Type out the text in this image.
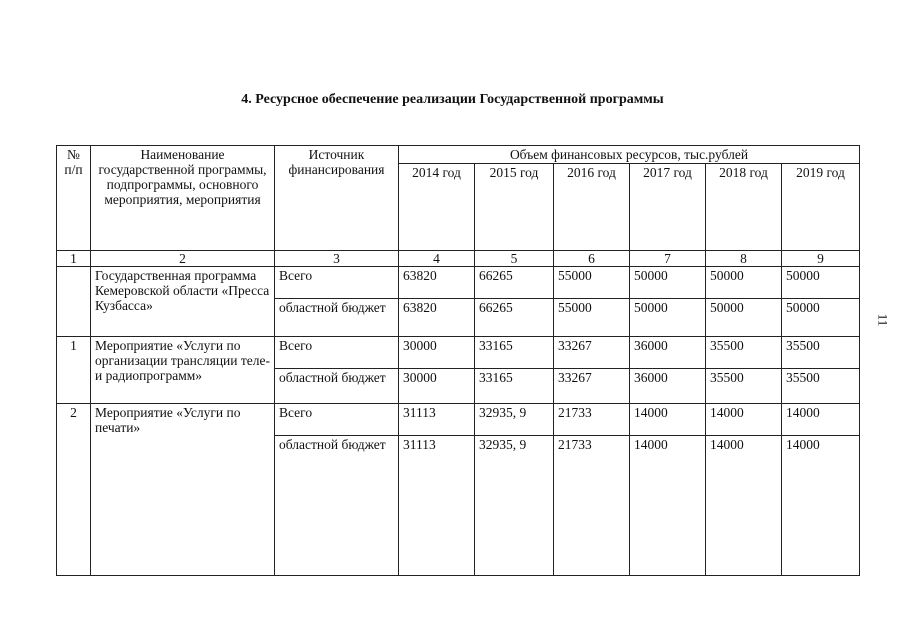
4. Ресурсное обеспечение реализации Государственной программы
11
№ п/п	Наименование государственной программы, подпрограммы, основного мероприятия, мероприятия	Источник финансирования	Объем финансовых ресурсов, тыс.рублей					
			2014 год	2015 год	2016 год	2017 год	2018 год	2019 год
1	2	3	4	5	6	7	8	9
	Государственная программа Кемеровской области «Пресса Кузбасса»	Всего	63820	66265	55000	50000	50000	50000
		областной бюджет	63820	66265	55000	50000	50000	50000
1	Мероприятие «Услуги по организации трансляции теле- и радиопрограмм»	Всего	30000	33165	33267	36000	35500	35500
		областной бюджет	30000	33165	33267	36000	35500	35500
2	Мероприятие «Услуги по печати»	Всего	31113	32935, 9	21733	14000	14000	14000
		областной бюджет	31113	32935, 9	21733	14000	14000	14000
